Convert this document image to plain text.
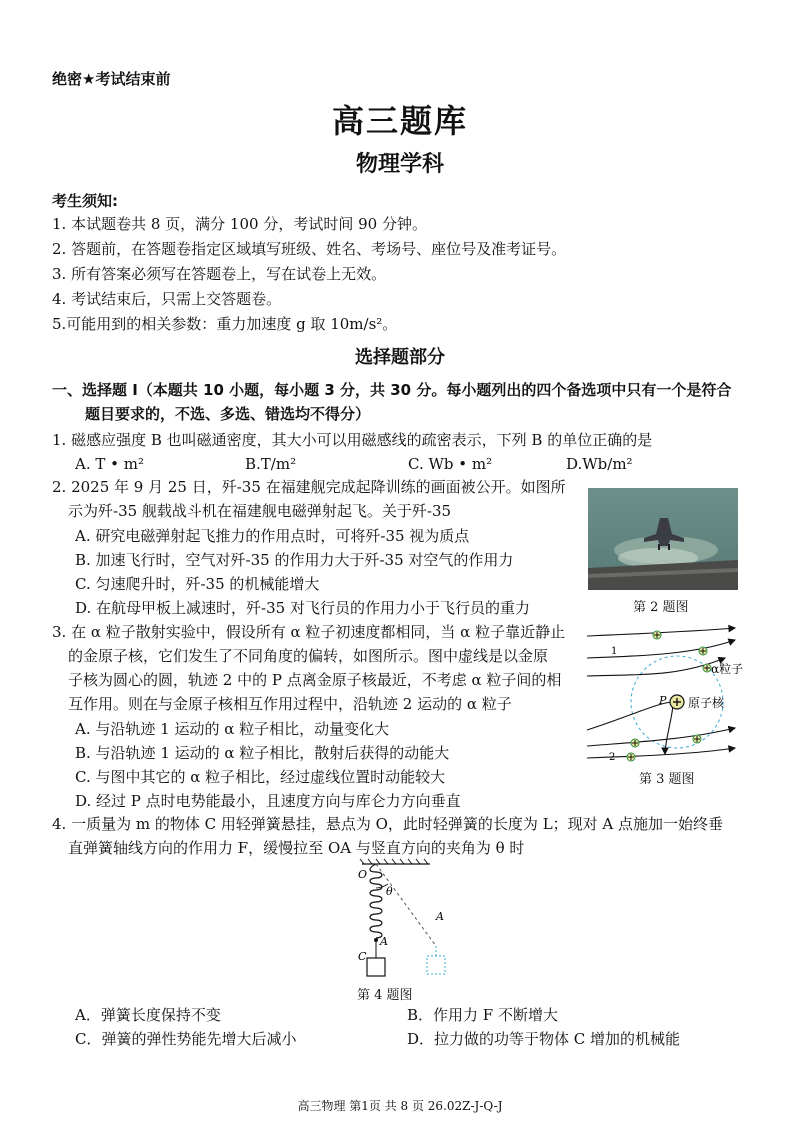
绝密★考试结束前
高三题库
物理学科
考生须知:
1. 本试题卷共 8 页，满分 100 分，考试时间 90 分钟。
2. 答题前，在答题卷指定区域填写班级、姓名、考场号、座位号及准考证号。
3. 所有答案必须写在答题卷上，写在试卷上无效。
4. 考试结束后，只需上交答题卷。
5.可能用到的相关参数：重力加速度 g 取 10m/s²。
选择题部分
一、选择题 I（本题共 10 小题，每小题 3 分，共 30 分。每小题列出的四个备选项中只有一个是符合
题目要求的，不选、多选、错选均不得分）
1. 磁感应强度 B 也叫磁通密度，其大小可以用磁感线的疏密表示，下列 B 的单位正确的是
A. T • m²	B.T/m²	C. Wb • m²	D.Wb/m²
2. 2025 年 9 月 25 日，歼-35 在福建舰完成起降训练的画面被公开。如图所
示为歼-35 舰载战斗机在福建舰电磁弹射起飞。关于歼-35
A. 研究电磁弹射起飞推力的作用点时，可将歼-35 视为质点
B. 加速飞行时，空气对歼-35 的作用力大于歼-35 对空气的作用力
C. 匀速爬升时，歼-35 的机械能增大
D. 在航母甲板上减速时，歼-35 对飞行员的作用力小于飞行员的重力	第 2 题图
3. 在 α 粒子散射实验中，假设所有 α 粒子初速度都相同，当 α 粒子靠近静止
的金原子核，它们发生了不同角度的偏转，如图所示。图中虚线是以金原
子核为圆心的圆，轨迹 2 中的 P 点离金原子核最近，不考虑 α 粒子间的相
互作用。则在与金原子核相互作用过程中，沿轨迹 2 运动的 α 粒子
A. 与沿轨迹 1 运动的 α 粒子相比，动量变化大
B. 与沿轨迹 1 运动的 α 粒子相比，散射后获得的动能大
C. 与图中其它的 α 粒子相比，经过虚线位置时动能较大
D. 经过 P 点时电势能最小，且速度方向与库仑力方向垂直
1
2
α粒子
原子核
P
第 3 题图
4. 一质量为 m 的物体 C 用轻弹簧悬挂，悬点为 O，此时轻弹簧的长度为 L；现对 A 点施加一始终垂
直弹簧轴线方向的作用力 F，缓慢拉至 OA 与竖直方向的夹角为 θ 时
O
θ
A
A
C
第 4 题图
A．弹簧长度保持不变	B．作用力 F 不断增大
C．弹簧的弹性势能先增大后减小	D．拉力做的功等于物体 C 增加的机械能
高三物理 第1页 共 8 页 26.02Z-J-Q-J
